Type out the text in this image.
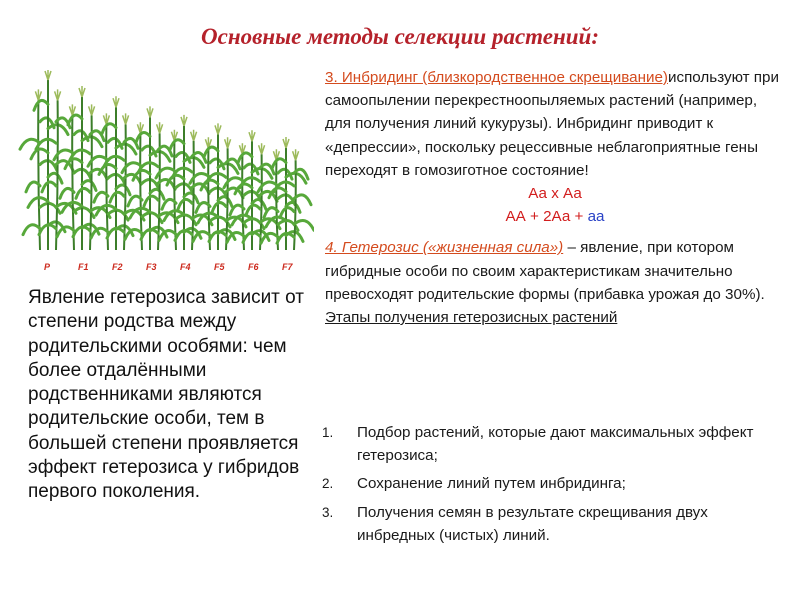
Основные методы селекции растений:
P	F1	F2	F3	F4	F5	F6	F7
Явление гетерозиса зависит от степени родства между родительскими особями: чем более отдалёнными родственниками являются родительские особи, тем в большей степени проявляется эффект гетерозиса у гибридов первого поколения.
3. Инбридинг (близкородственное скрещивание)используют при самоопылении перекрестноопыляемых растений (например, для получения линий кукурузы). Инбридинг приводит к «депрессии», поскольку рецессивные неблагоприятные гены переходят в гомозиготное состояние!
Аа х Аа
АА + 2Аа + аа
4. Гетерозис («жизненная сила») – явление, при котором гибридные особи по своим характеристикам значительно превосходят родительские формы (прибавка урожая до 30%). Этапы получения гетерозисных растений
1.	Подбор растений, которые дают максимальных эффект гетерозиса;
2.	Сохранение линий путем инбридинга;
3.	Получения семян в результате скрещивания двух инбредных (чистых) линий.
